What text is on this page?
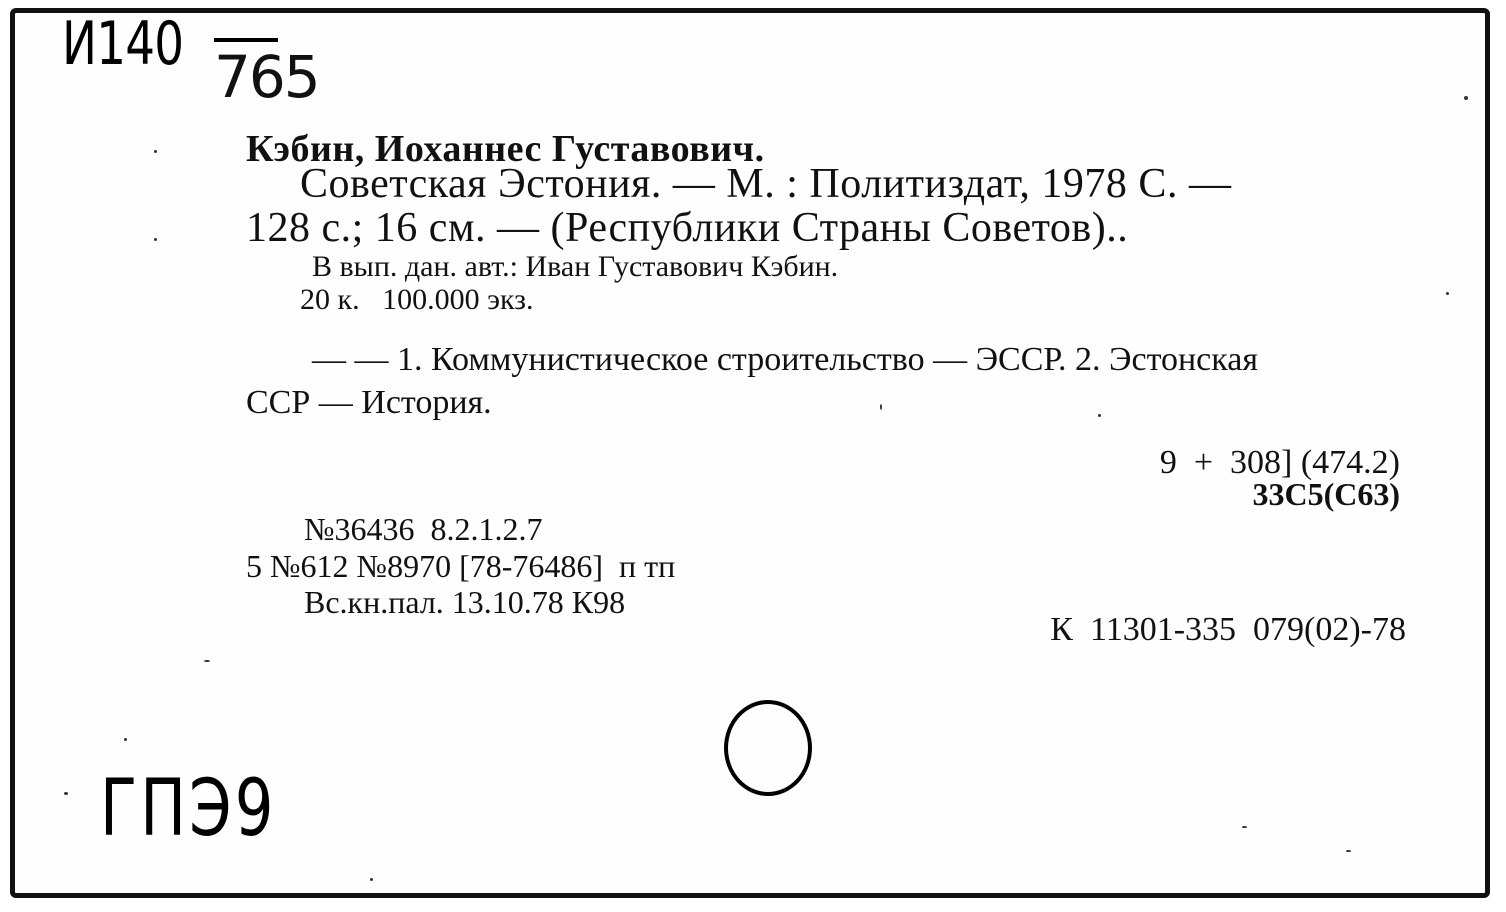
И140 765
Кэбин, Иоханнес Густавович.
Советская Эстония. — М. : Политиздат, 1978 С. —
128 с.; 16 см. — (Республики Страны Советов)..
В вып. дан. авт.: Иван Густавович Кэбин.
20 к.   100.000 экз.
— — 1. Коммунистическое строительство — ЭССР. 2. Эстонская
ССР — История.
9  +  308] (474.2)
33С5(С63)
№36436  8.2.1.2.7
5 №612 №8970 [78-76486]  п тп
Вс.кн.пал. 13.10.78 К98
К  11301-335  079(02)-78
ГПЭ9
